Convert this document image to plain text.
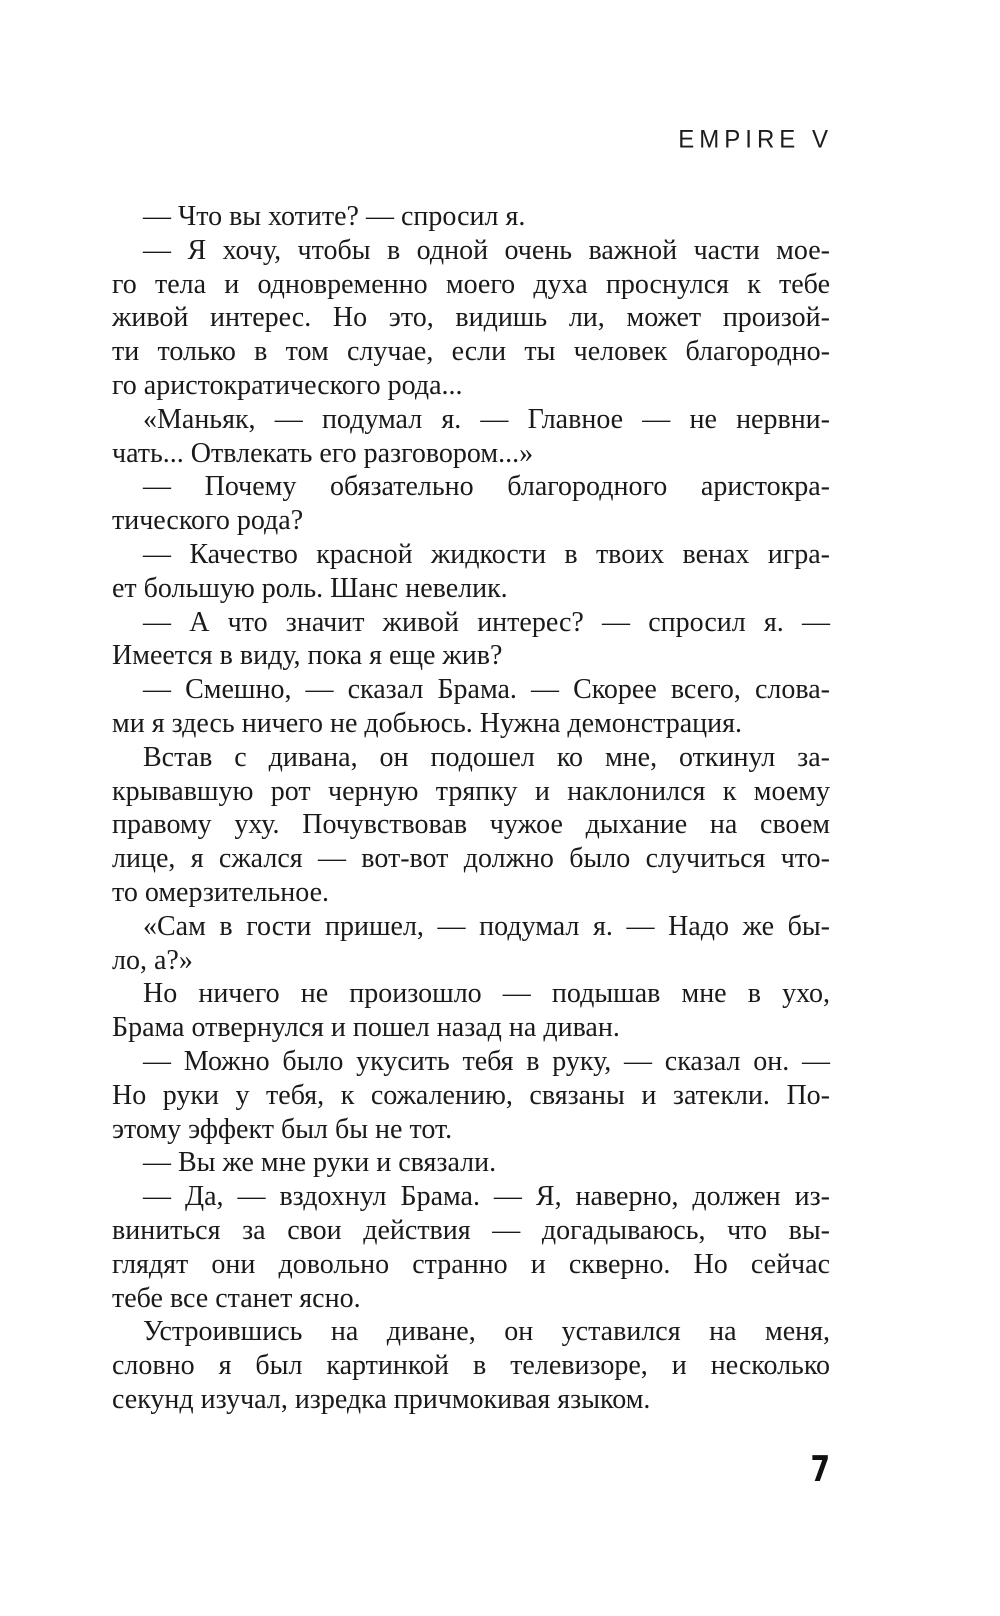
EMPIRE V
— Что вы хотите? — спросил я.
— Я хочу, чтобы в одной очень важной части мое-
го тела и одновременно моего духа проснулся к тебе
живой интерес. Но это, видишь ли, может произой-
ти только в том случае, если ты человек благородно-
го аристократического рода...
«Маньяк, — подумал я. — Главное — не нервни-
чать... Отвлекать его разговором...»
— Почему обязательно благородного аристокра-
тического рода?
— Качество красной жидкости в твоих венах игра-
ет большую роль. Шанс невелик.
— А что значит живой интерес? — спросил я. —
Имеется в виду, пока я еще жив?
— Смешно, — сказал Брама. — Скорее всего, слова-
ми я здесь ничего не добьюсь. Нужна демонстрация.
Встав с дивана, он подошел ко мне, откинул за-
крывавшую рот черную тряпку и наклонился к моему
правому уху. Почувствовав чужое дыхание на своем
лице, я сжался — вот-вот должно было случиться что-
то омерзительное.
«Сам в гости пришел, — подумал я. — Надо же бы-
ло, а?»
Но ничего не произошло — подышав мне в ухо,
Брама отвернулся и пошел назад на диван.
— Можно было укусить тебя в руку, — сказал он. —
Но руки у тебя, к сожалению, связаны и затекли. По-
этому эффект был бы не тот.
— Вы же мне руки и связали.
— Да, — вздохнул Брама. — Я, наверно, должен из-
виниться за свои действия — догадываюсь, что вы-
глядят они довольно странно и скверно. Но сейчас
тебе все станет ясно.
Устроившись на диване, он уставился на меня,
словно я был картинкой в телевизоре, и несколько
секунд изучал, изредка причмокивая языком.
7
